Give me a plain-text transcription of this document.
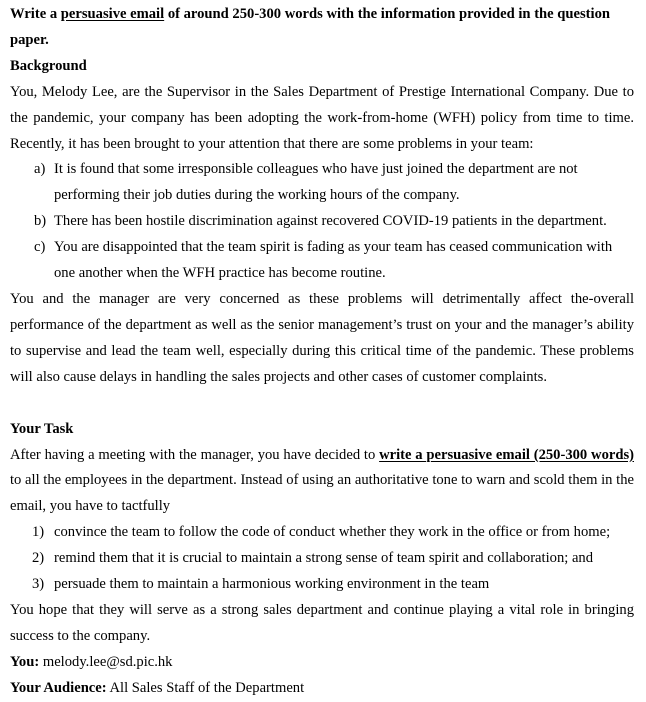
Write a persuasive email of around 250-300 words with the information provided in the question paper.

Background

You, Melody Lee, are the Supervisor in the Sales Department of Prestige International Company. Due to the pandemic, your company has been adopting the work-from-home (WFH) policy from time to time. Recently, it has been brought to your attention that there are some problems in your team:

a) It is found that some irresponsible colleagues who have just joined the department are not performing their job duties during the working hours of the company.
b) There has been hostile discrimination against recovered COVID-19 patients in the department.
c) You are disappointed that the team spirit is fading as your team has ceased communication with one another when the WFH practice has become routine.

You and the manager are very concerned as these problems will detrimentally affect the-overall performance of the department as well as the senior management’s trust on your and the manager’s ability to supervise and lead the team well, especially during this critical time of the pandemic. These problems will also cause delays in handling the sales projects and other cases of customer complaints.

Your Task

After having a meeting with the manager, you have decided to write a persuasive email (250-300 words) to all the employees in the department. Instead of using an authoritative tone to warn and scold them in the email, you have to tactfully

1) convince the team to follow the code of conduct whether they work in the office or from home;
2) remind them that it is crucial to maintain a strong sense of team spirit and collaboration; and
3) persuade them to maintain a harmonious working environment in the team

You hope that they will serve as a strong sales department and continue playing a vital role in bringing success to the company.

You: melody.lee@sd.pic.hk

Your Audience: All Sales Staff of the Department
